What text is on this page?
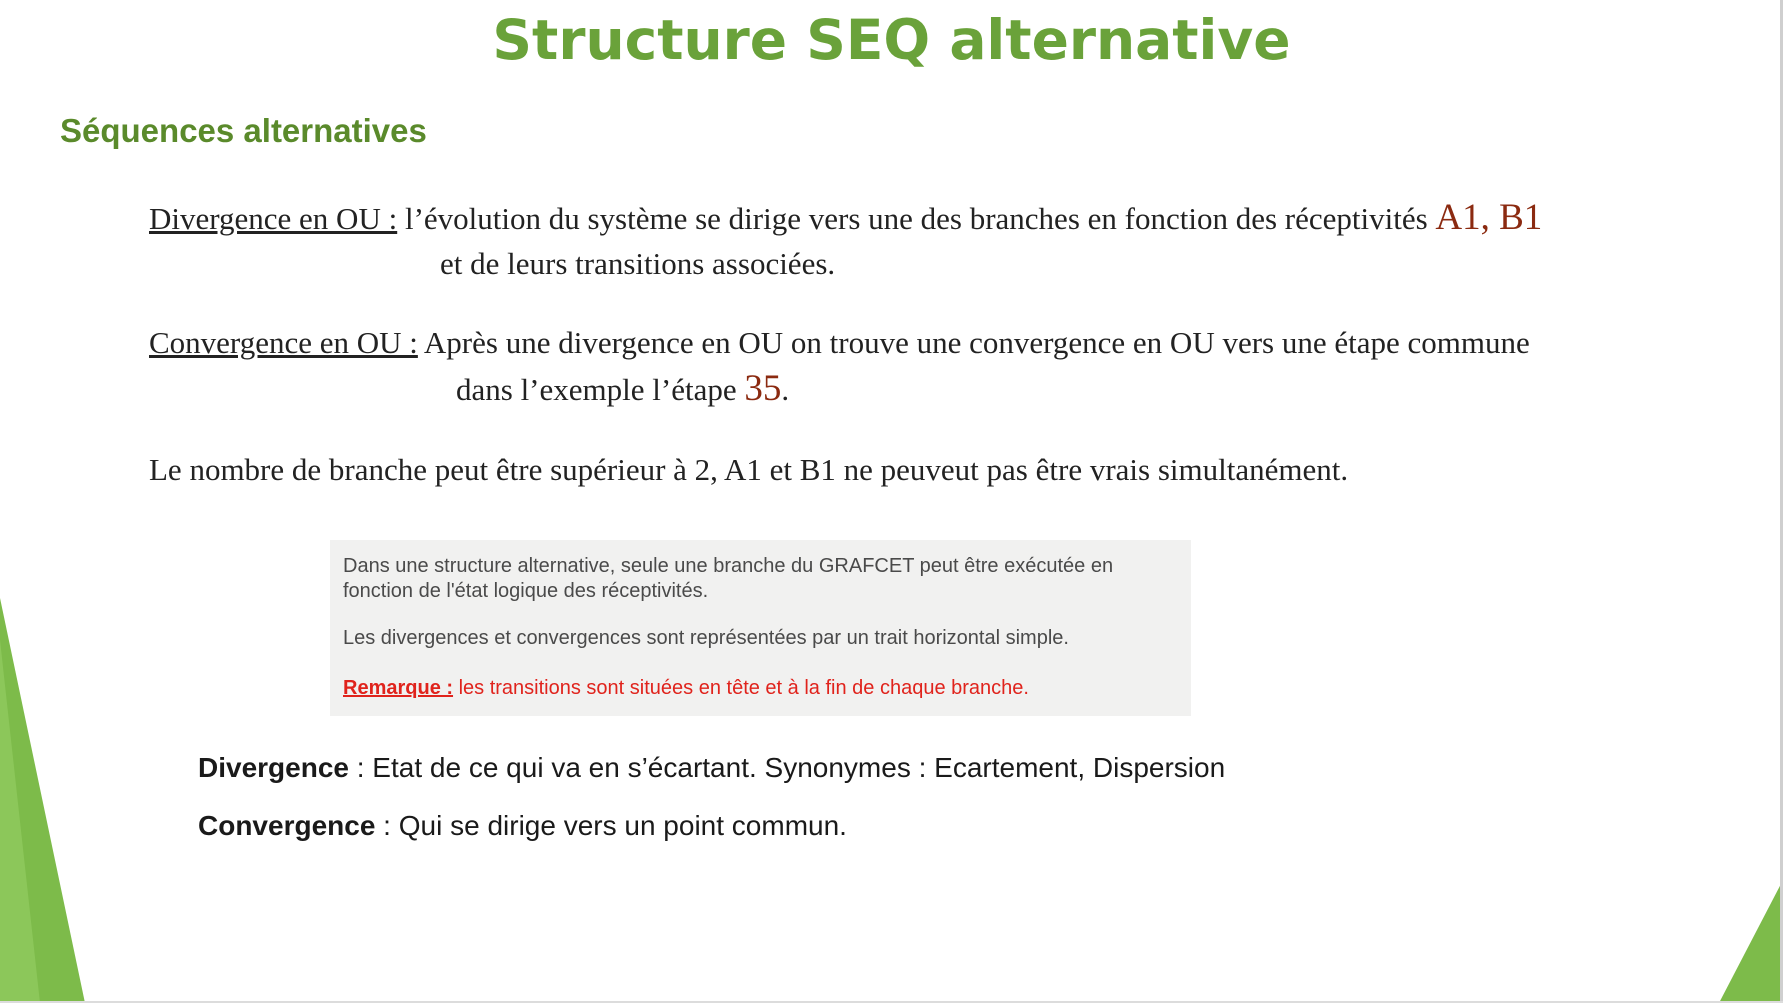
Structure SEQ alternative
Séquences alternatives
Divergence en OU : l’évolution du système se dirige vers une des branches en fonction des réceptivités A1, B1
et de leurs transitions associées.
Convergence en OU : Après une divergence en OU on trouve une convergence en OU vers une étape commune
dans l’exemple l’étape 35.
Le nombre de branche peut être supérieur à 2, A1 et B1 ne peuveut pas être vrais simultanément.
Dans une structure alternative, seule une branche du GRAFCET peut être exécutée en fonction de l'état logique des réceptivités.
Les divergences et convergences sont représentées par un trait horizontal simple.
Remarque : les transitions sont situées en tête et à la fin de chaque branche.
Divergence : Etat de ce qui va en s’écartant. Synonymes : Ecartement, Dispersion
Convergence : Qui se dirige vers un point commun.
